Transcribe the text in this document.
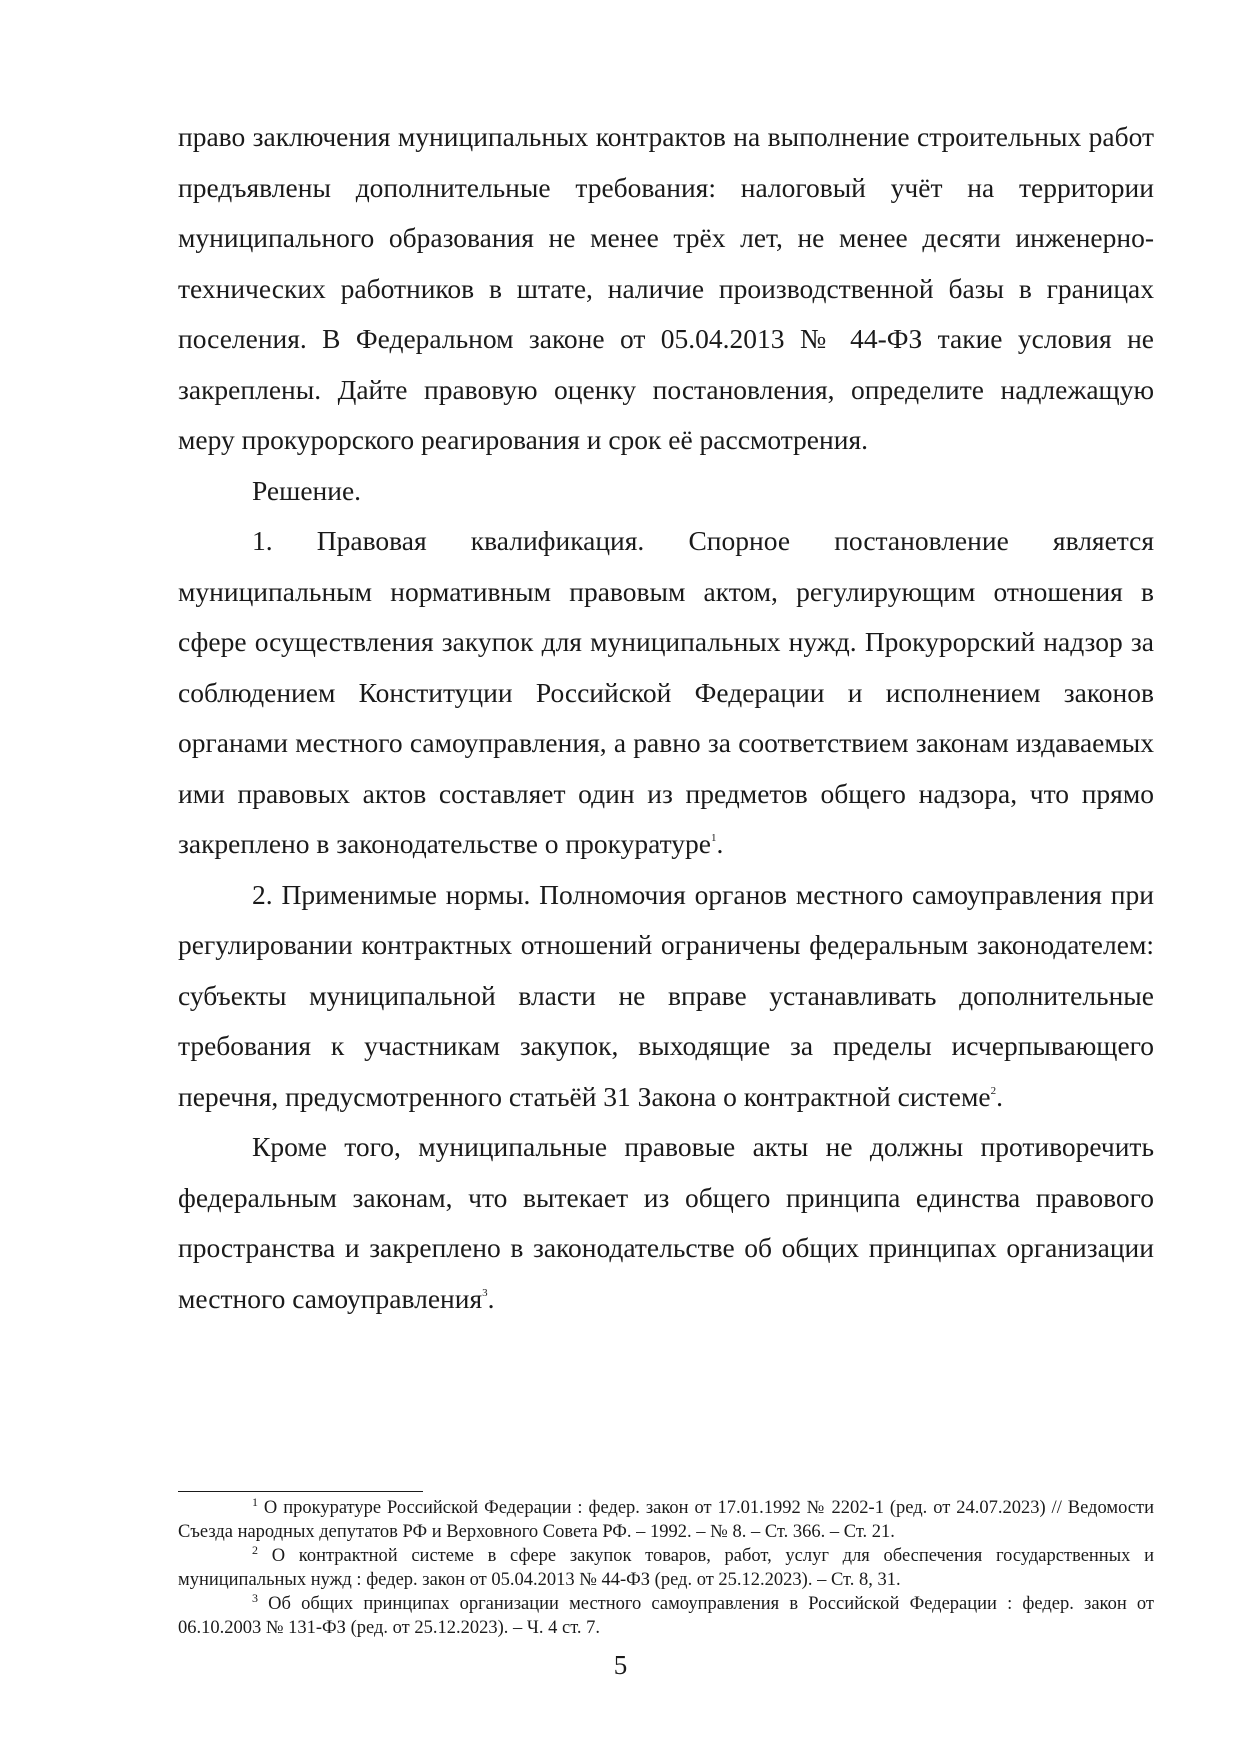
право заключения муниципальных контрактов на выполнение строительных работ предъявлены дополнительные требования: налоговый учёт на территории муниципального образования не менее трёх лет, не менее десяти инженерно-технических работников в штате, наличие производственной базы в границах поселения. В Федеральном законе от 05.04.2013 № 44-ФЗ такие условия не закреплены. Дайте правовую оценку постановления, определите надлежащую меру прокурорского реагирования и срок её рассмотрения.

Решение.

1. Правовая квалификация. Спорное постановление является муниципальным нормативным правовым актом, регулирующим отношения в сфере осуществления закупок для муниципальных нужд. Прокурорский надзор за соблюдением Конституции Российской Федерации и исполнением законов органами местного самоуправления, а равно за соответствием законам издаваемых ими правовых актов составляет один из предметов общего надзора, что прямо закреплено в законодательстве о прокуратуре$^1$.

2. Применимые нормы. Полномочия органов местного самоуправления при регулировании контрактных отношений ограничены федеральным законодателем: субъекты муниципальной власти не вправе устанавливать дополнительные требования к участникам закупок, выходящие за пределы исчерпывающего перечня, предусмотренного статьёй 31 Закона о контрактной системе$^2$.

Кроме того, муниципальные правовые акты не должны противоречить федеральным законам, что вытекает из общего принципа единства правового пространства и закреплено в законодательстве об общих принципах организации местного самоуправления$^3$.

$^1$ О прокуратуре Российской Федерации : федер. закон от 17.01.1992 № 2202-1 (ред. от 24.07.2023) // Ведомости Съезда народных депутатов РФ и Верховного Совета РФ. – 1992. – № 8. – Ст. 366. – Ст. 21.

$^2$ О контрактной системе в сфере закупок товаров, работ, услуг для обеспечения государственных и муниципальных нужд : федер. закон от 05.04.2013 № 44-ФЗ (ред. от 25.12.2023). – Ст. 8, 31.

$^3$ Об общих принципах организации местного самоуправления в Российской Федерации : федер. закон от 06.10.2003 № 131-ФЗ (ред. от 25.12.2023). – Ч. 4 ст. 7.

5
